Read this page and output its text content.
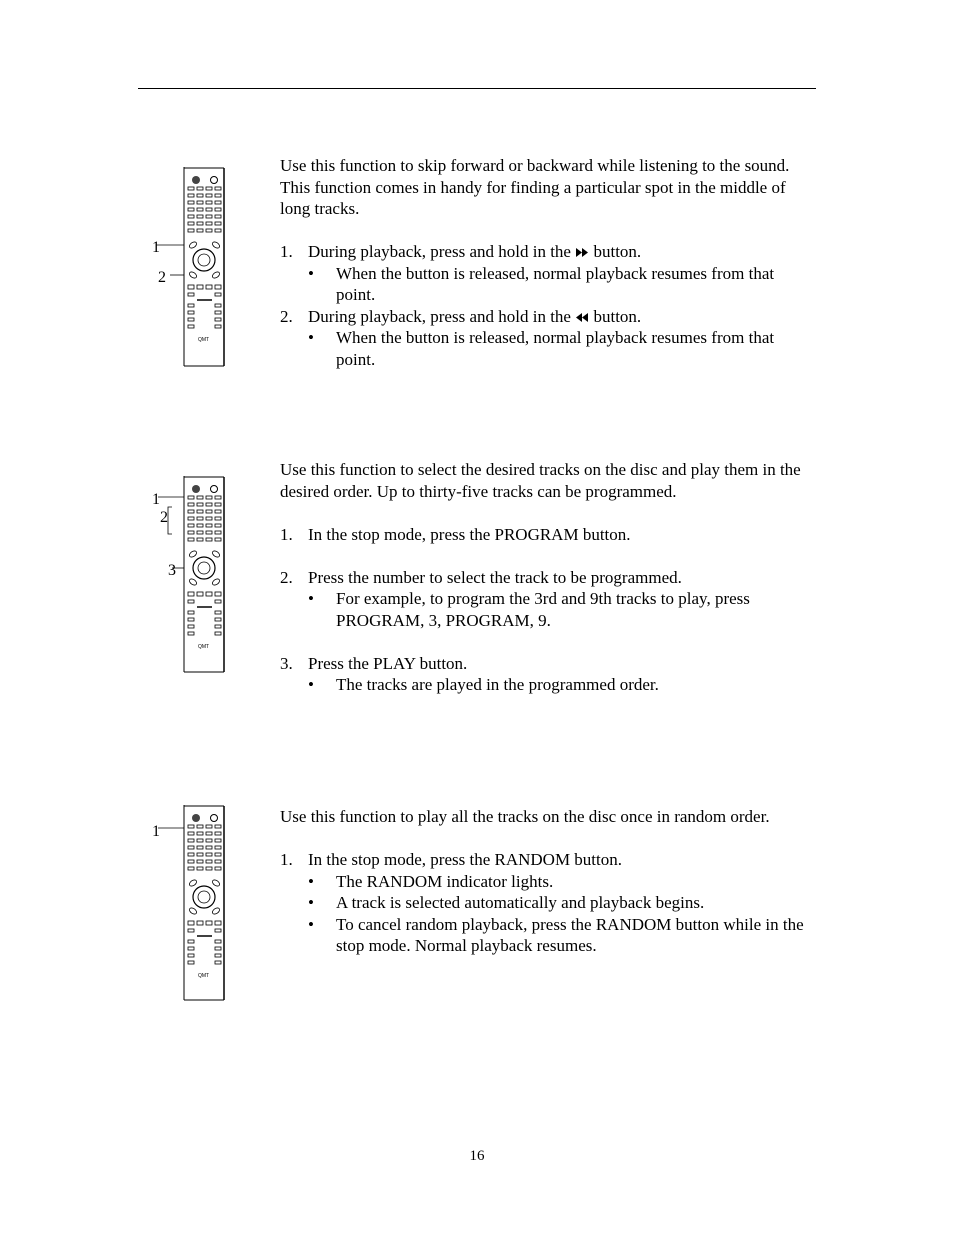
QMT
1
2

Use this function to skip forward or backward while listening to the sound. This function comes in handy for finding a particular spot in the middle of long tracks.

1. During playback, press and hold in the  button.
• When the button is released, normal playback resumes from that point.
2. During playback, press and hold in the  button.
• When the button is released, normal playback resumes from that point.
QMT
1
2
3

Use this function to select the desired tracks on the disc and play them in the desired order. Up to thirty-five tracks can be programmed.

1. In the stop mode, press the PROGRAM button.
2. Press the number to select the track to be programmed.
• For example, to program the 3rd and 9th tracks to play, press PROGRAM, 3, PROGRAM, 9.
3. Press the PLAY button.
• The tracks are played in the programmed order.
QMT
1

Use this function to play all the tracks on the disc once in random order.

1. In the stop mode, press the RANDOM button.
• The RANDOM indicator lights.
• A track is selected automatically and playback begins.
• To cancel random playback, press the RANDOM button while in the stop mode. Normal playback resumes.
16
